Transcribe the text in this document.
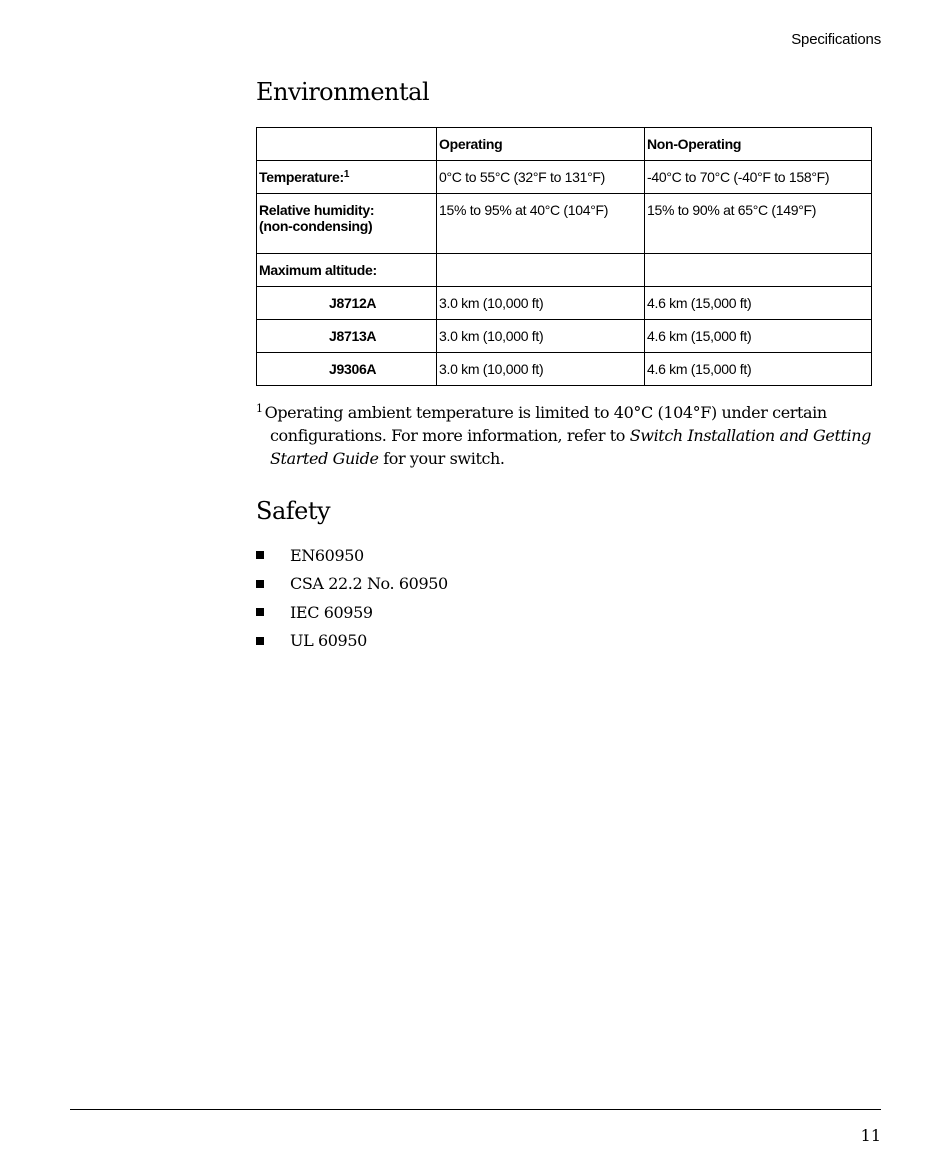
Specifications
Environmental
	Operating	Non-Operating
Temperature:$^1$	0°C to 55°C (32°F to 131°F)	-40°C to 70°C (-40°F to 158°F)
Relative humidity: (non-condensing)	15% to 95% at 40°C (104°F)	15% to 90% at 65°C (149°F)
Maximum altitude:		
J8712A	3.0 km (10,000 ft)	4.6 km (15,000 ft)
J8713A	3.0 km (10,000 ft)	4.6 km (15,000 ft)
J9306A	3.0 km (10,000 ft)	4.6 km (15,000 ft)
$^1$ Operating ambient temperature is limited to 40°C (104°F) under certain configurations. For more information, refer to Switch Installation and Getting Started Guide for your switch.
Safety
EN60950
CSA 22.2 No. 60950
IEC 60959
UL 60950
11
